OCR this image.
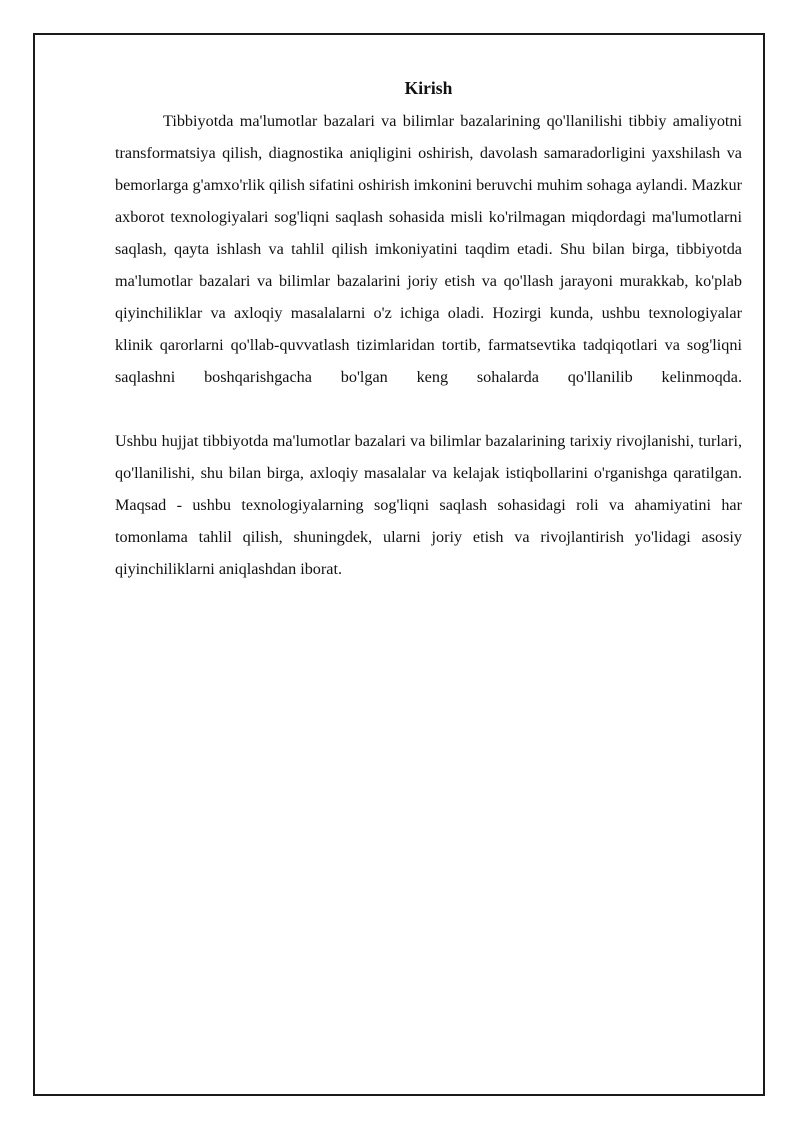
Kirish

Tibbiyotda ma'lumotlar bazalari va bilimlar bazalarining qo'llanilishi tibbiy amaliyotni transformatsiya qilish, diagnostika aniqligini oshirish, davolash samaradorligini yaxshilash va bemorlarga g'amxo'rlik qilish sifatini oshirish imkonini beruvchi muhim sohaga aylandi. Mazkur axborot texnologiyalari sog'liqni saqlash sohasida misli ko'rilmagan miqdordagi ma'lumotlarni saqlash, qayta ishlash va tahlil qilish imkoniyatini taqdim etadi. Shu bilan birga, tibbiyotda ma'lumotlar bazalari va bilimlar bazalarini joriy etish va qo'llash jarayoni murakkab, ko'plab qiyinchiliklar va axloqiy masalalarni o'z ichiga oladi. Hozirgi kunda, ushbu texnologiyalar klinik qarorlarni qo'llab-quvvatlash tizimlaridan tortib, farmatsevtika tadqiqotlari va sog'liqni saqlashni boshqarishgacha bo'lgan keng sohalarda qo'llanilib kelinmoqda.

Ushbu hujjat tibbiyotda ma'lumotlar bazalari va bilimlar bazalarining tarixiy rivojlanishi, turlari, qo'llanilishi, shu bilan birga, axloqiy masalalar va kelajak istiqbollarini o'rganishga qaratilgan. Maqsad - ushbu texnologiyalarning sog'liqni saqlash sohasidagi roli va ahamiyatini har tomonlama tahlil qilish, shuningdek, ularni joriy etish va rivojlantirish yo'lidagi asosiy qiyinchiliklarni aniqlashdan iborat.
